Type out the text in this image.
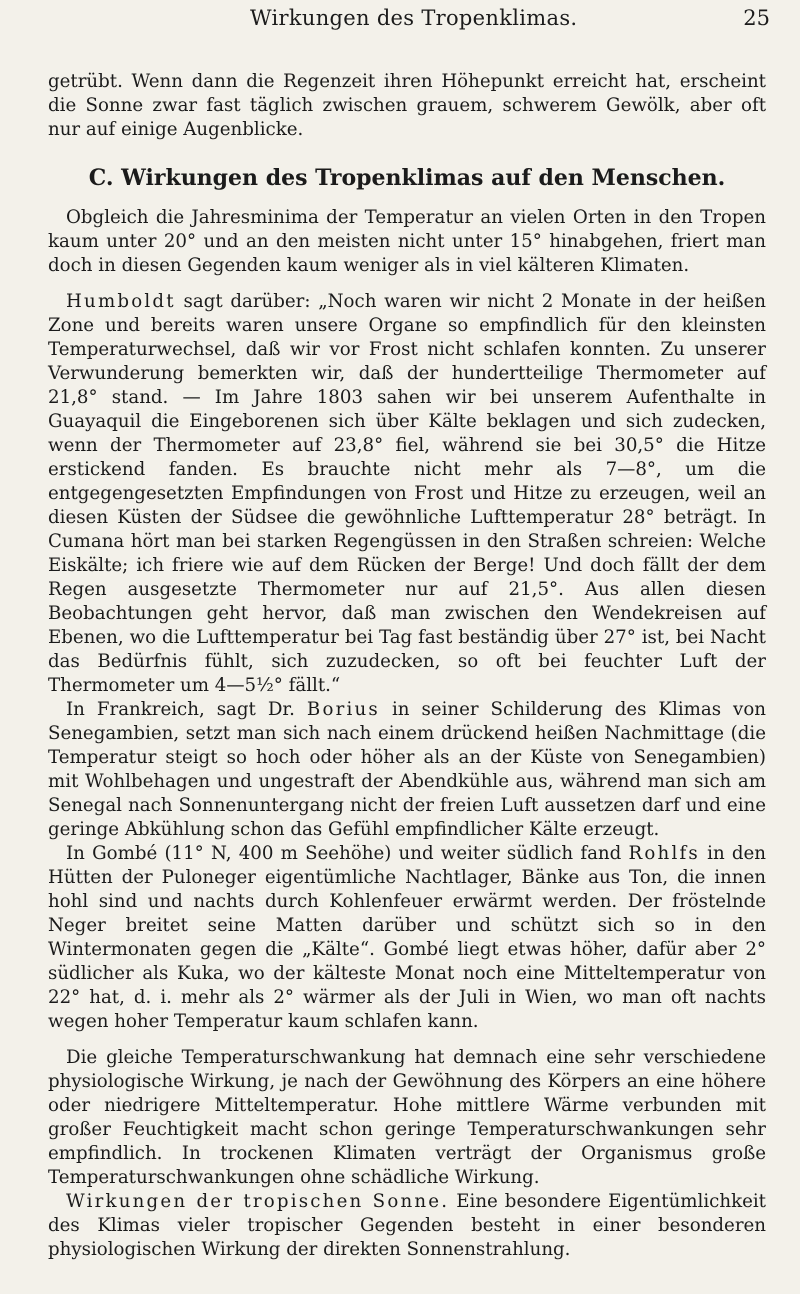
Wirkungen des Tropenklimas.	25

getrübt. Wenn dann die Regenzeit ihren Höhepunkt erreicht hat, erscheint die Sonne zwar fast täglich zwischen grauem, schwerem Gewölk, aber oft nur auf einige Augenblicke.

C. Wirkungen des Tropenklimas auf den Menschen.

Obgleich die Jahresminima der Temperatur an vielen Orten in den Tropen kaum unter 20° und an den meisten nicht unter 15° hinabgehen, friert man doch in diesen Gegenden kaum weniger als in viel kälteren Klimaten.

Humboldt sagt darüber: „Noch waren wir nicht 2 Monate in der heißen Zone und bereits waren unsere Organe so empfindlich für den kleinsten Temperaturwechsel, daß wir vor Frost nicht schlafen konnten. Zu unserer Verwunderung bemerkten wir, daß der hundertteilige Thermometer auf 21,8° stand. — Im Jahre 1803 sahen wir bei unserem Aufenthalte in Guayaquil die Eingeborenen sich über Kälte beklagen und sich zudecken, wenn der Thermometer auf 23,8° fiel, während sie bei 30,5° die Hitze erstickend fanden. Es brauchte nicht mehr als 7—8°, um die entgegengesetzten Empfindungen von Frost und Hitze zu erzeugen, weil an diesen Küsten der Südsee die gewöhnliche Lufttemperatur 28° beträgt. In Cumana hört man bei starken Regengüssen in den Straßen schreien: Welche Eiskälte; ich friere wie auf dem Rücken der Berge! Und doch fällt der dem Regen ausgesetzte Thermometer nur auf 21,5°. Aus allen diesen Beobachtungen geht hervor, daß man zwischen den Wendekreisen auf Ebenen, wo die Lufttemperatur bei Tag fast beständig über 27° ist, bei Nacht das Bedürfnis fühlt, sich zuzudecken, so oft bei feuchter Luft der Thermometer um 4—5½° fällt.“

In Frankreich, sagt Dr. Borius in seiner Schilderung des Klimas von Senegambien, setzt man sich nach einem drückend heißen Nachmittage (die Temperatur steigt so hoch oder höher als an der Küste von Senegambien) mit Wohlbehagen und ungestraft der Abendkühle aus, während man sich am Senegal nach Sonnenuntergang nicht der freien Luft aussetzen darf und eine geringe Abkühlung schon das Gefühl empfindlicher Kälte erzeugt.

In Gombé (11° N, 400 m Seehöhe) und weiter südlich fand Rohlfs in den Hütten der Puloneger eigentümliche Nachtlager, Bänke aus Ton, die innen hohl sind und nachts durch Kohlenfeuer erwärmt werden. Der fröstelnde Neger breitet seine Matten darüber und schützt sich so in den Wintermonaten gegen die „Kälte“. Gombé liegt etwas höher, dafür aber 2° südlicher als Kuka, wo der kälteste Monat noch eine Mitteltemperatur von 22° hat, d. i. mehr als 2° wärmer als der Juli in Wien, wo man oft nachts wegen hoher Temperatur kaum schlafen kann.

Die gleiche Temperaturschwankung hat demnach eine sehr verschiedene physiologische Wirkung, je nach der Gewöhnung des Körpers an eine höhere oder niedrigere Mitteltemperatur. Hohe mittlere Wärme verbunden mit großer Feuchtigkeit macht schon geringe Temperaturschwankungen sehr empfindlich. In trockenen Klimaten verträgt der Organismus große Temperaturschwankungen ohne schädliche Wirkung.

Wirkungen der tropischen Sonne. Eine besondere Eigentümlichkeit des Klimas vieler tropischer Gegenden besteht in einer besonderen physiologischen Wirkung der direkten Sonnenstrahlung.
